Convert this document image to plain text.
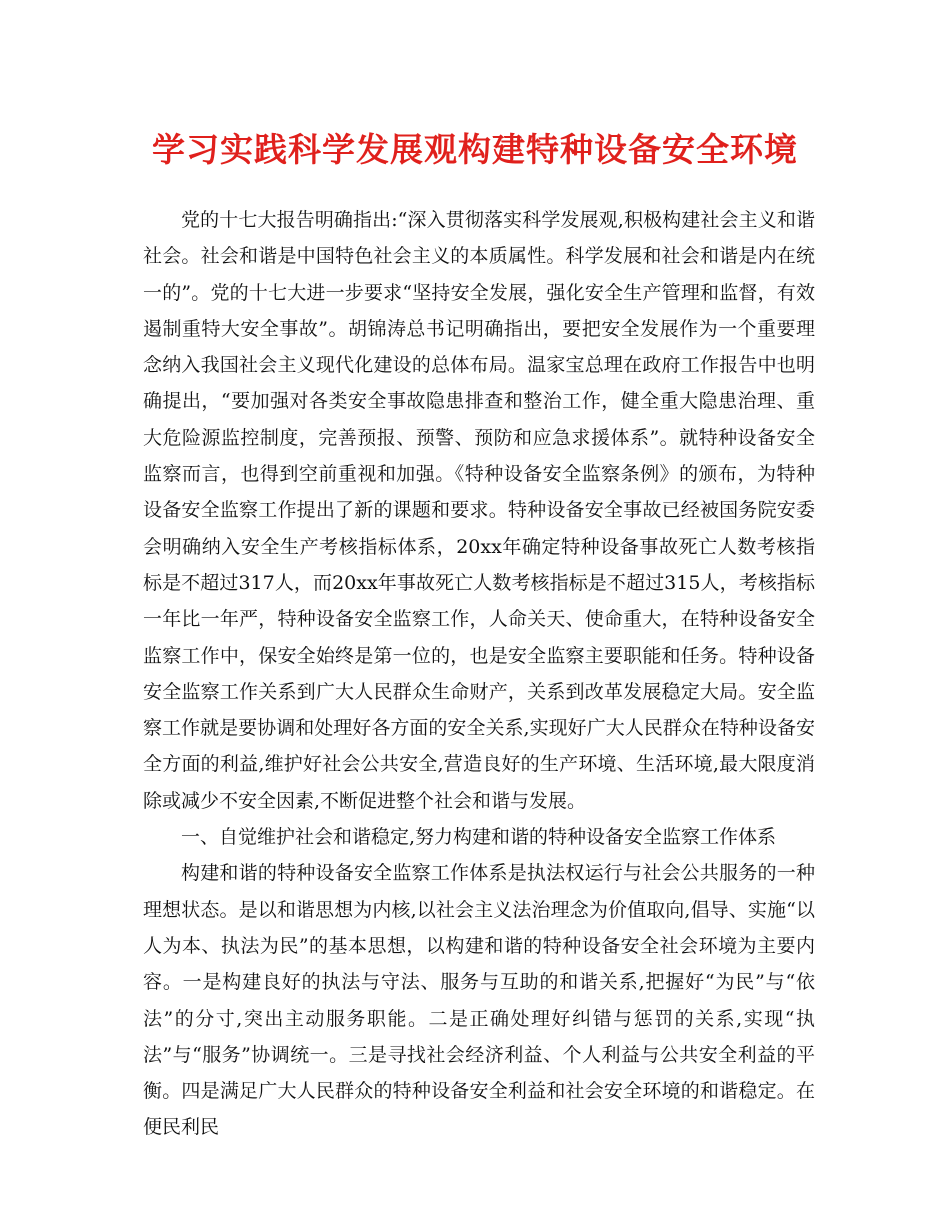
学习实践科学发展观构建特种设备安全环境

党的十七大报告明确指出:“深入贯彻落实科学发展观,积极构建社会主义和谐社会。社会和谐是中国特色社会主义的本质属性。科学发展和社会和谐是内在统一的”。党的十七大进一步要求“坚持安全发展，强化安全生产管理和监督，有效遏制重特大安全事故”。胡锦涛总书记明确指出，要把安全发展作为一个重要理念纳入我国社会主义现代化建设的总体布局。温家宝总理在政府工作报告中也明确提出，“要加强对各类安全事故隐患排查和整治工作，健全重大隐患治理、重大危险源监控制度，完善预报、预警、预防和应急求援体系”。就特种设备安全监察而言，也得到空前重视和加强。《特种设备安全监察条例》的颁布，为特种设备安全监察工作提出了新的课题和要求。特种设备安全事故已经被国务院安委会明确纳入安全生产考核指标体系，20xx年确定特种设备事故死亡人数考核指标是不超过317人，而20xx年事故死亡人数考核指标是不超过315人，考核指标一年比一年严，特种设备安全监察工作，人命关天、使命重大，在特种设备安全监察工作中，保安全始终是第一位的，也是安全监察主要职能和任务。特种设备安全监察工作关系到广大人民群众生命财产，关系到改革发展稳定大局。安全监察工作就是要协调和处理好各方面的安全关系,实现好广大人民群众在特种设备安全方面的利益,维护好社会公共安全,营造良好的生产环境、生活环境,最大限度消除或减少不安全因素,不断促进整个社会和谐与发展。

一、自觉维护社会和谐稳定,努力构建和谐的特种设备安全监察工作体系

构建和谐的特种设备安全监察工作体系是执法权运行与社会公共服务的一种理想状态。是以和谐思想为内核,以社会主义法治理念为价值取向,倡导、实施“以人为本、执法为民”的基本思想，以构建和谐的特种设备安全社会环境为主要内容。一是构建良好的执法与守法、服务与互助的和谐关系,把握好“为民”与“依法”的分寸,突出主动服务职能。二是正确处理好纠错与惩罚的关系,实现“执法”与“服务”协调统一。三是寻找社会经济利益、个人利益与公共安全利益的平衡。四是满足广大人民群众的特种设备安全利益和社会安全环境的和谐稳定。在便民利民
